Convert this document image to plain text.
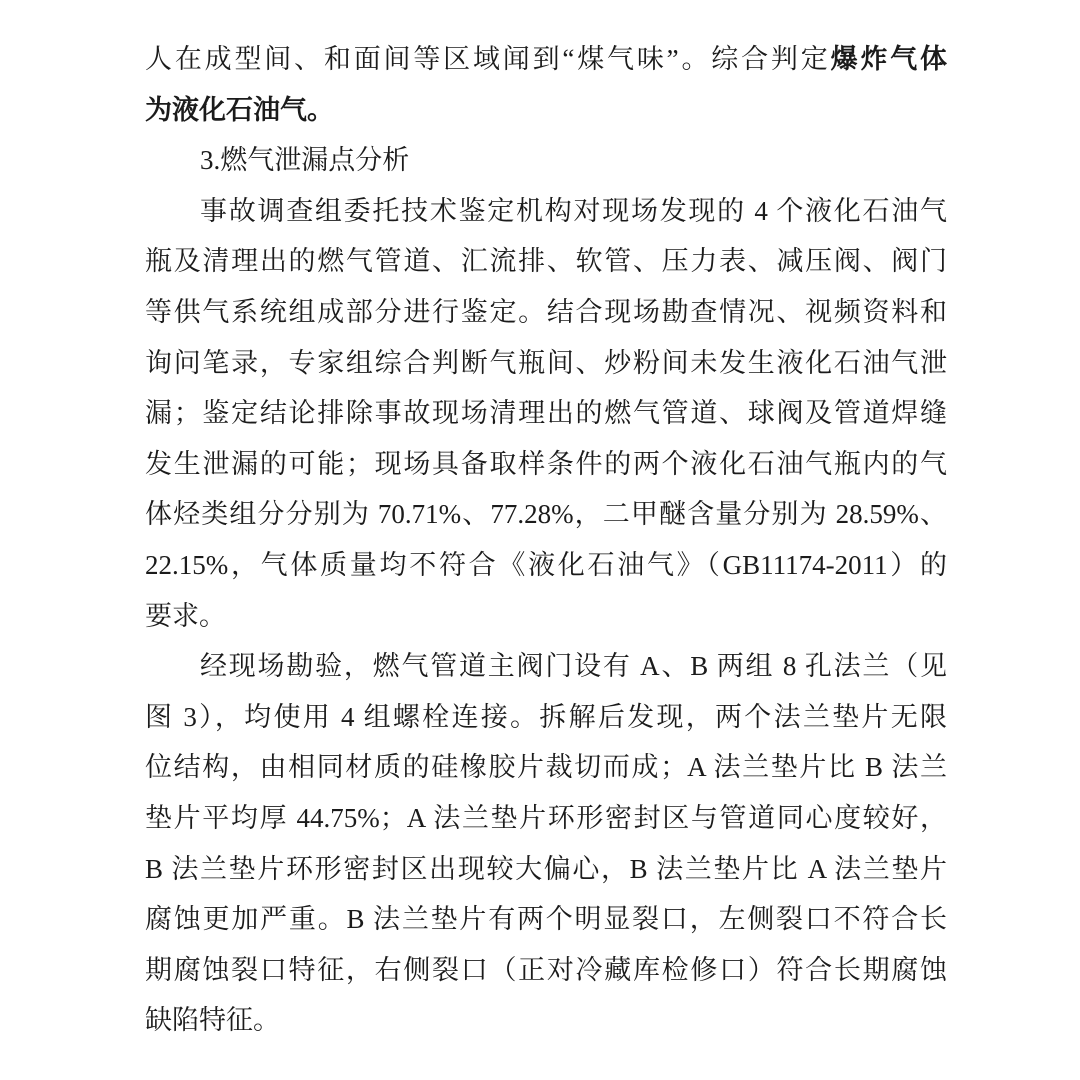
人在成型间、和面间等区域闻到“煤气味”。综合判定爆炸气体
为液化石油气。
3.燃气泄漏点分析
事故调查组委托技术鉴定机构对现场发现的 4 个液化石油气
瓶及清理出的燃气管道、汇流排、软管、压力表、减压阀、阀门
等供气系统组成部分进行鉴定。结合现场勘查情况、视频资料和
询问笔录，专家组综合判断气瓶间、炒粉间未发生液化石油气泄
漏；鉴定结论排除事故现场清理出的燃气管道、球阀及管道焊缝
发生泄漏的可能；现场具备取样条件的两个液化石油气瓶内的气
体烃类组分分别为 70.71%、77.28%，二甲醚含量分别为 28.59%、
22.15%，气体质量均不符合《液化石油气》（GB11174-2011）的
要求。
经现场勘验，燃气管道主阀门设有 A、B 两组 8 孔法兰（见
图 3），均使用 4 组螺栓连接。拆解后发现，两个法兰垫片无限
位结构，由相同材质的硅橡胶片裁切而成；A 法兰垫片比 B 法兰
垫片平均厚 44.75%；A 法兰垫片环形密封区与管道同心度较好，
B 法兰垫片环形密封区出现较大偏心，B 法兰垫片比 A 法兰垫片
腐蚀更加严重。B 法兰垫片有两个明显裂口，左侧裂口不符合长
期腐蚀裂口特征，右侧裂口（正对冷藏库检修口）符合长期腐蚀
缺陷特征。
